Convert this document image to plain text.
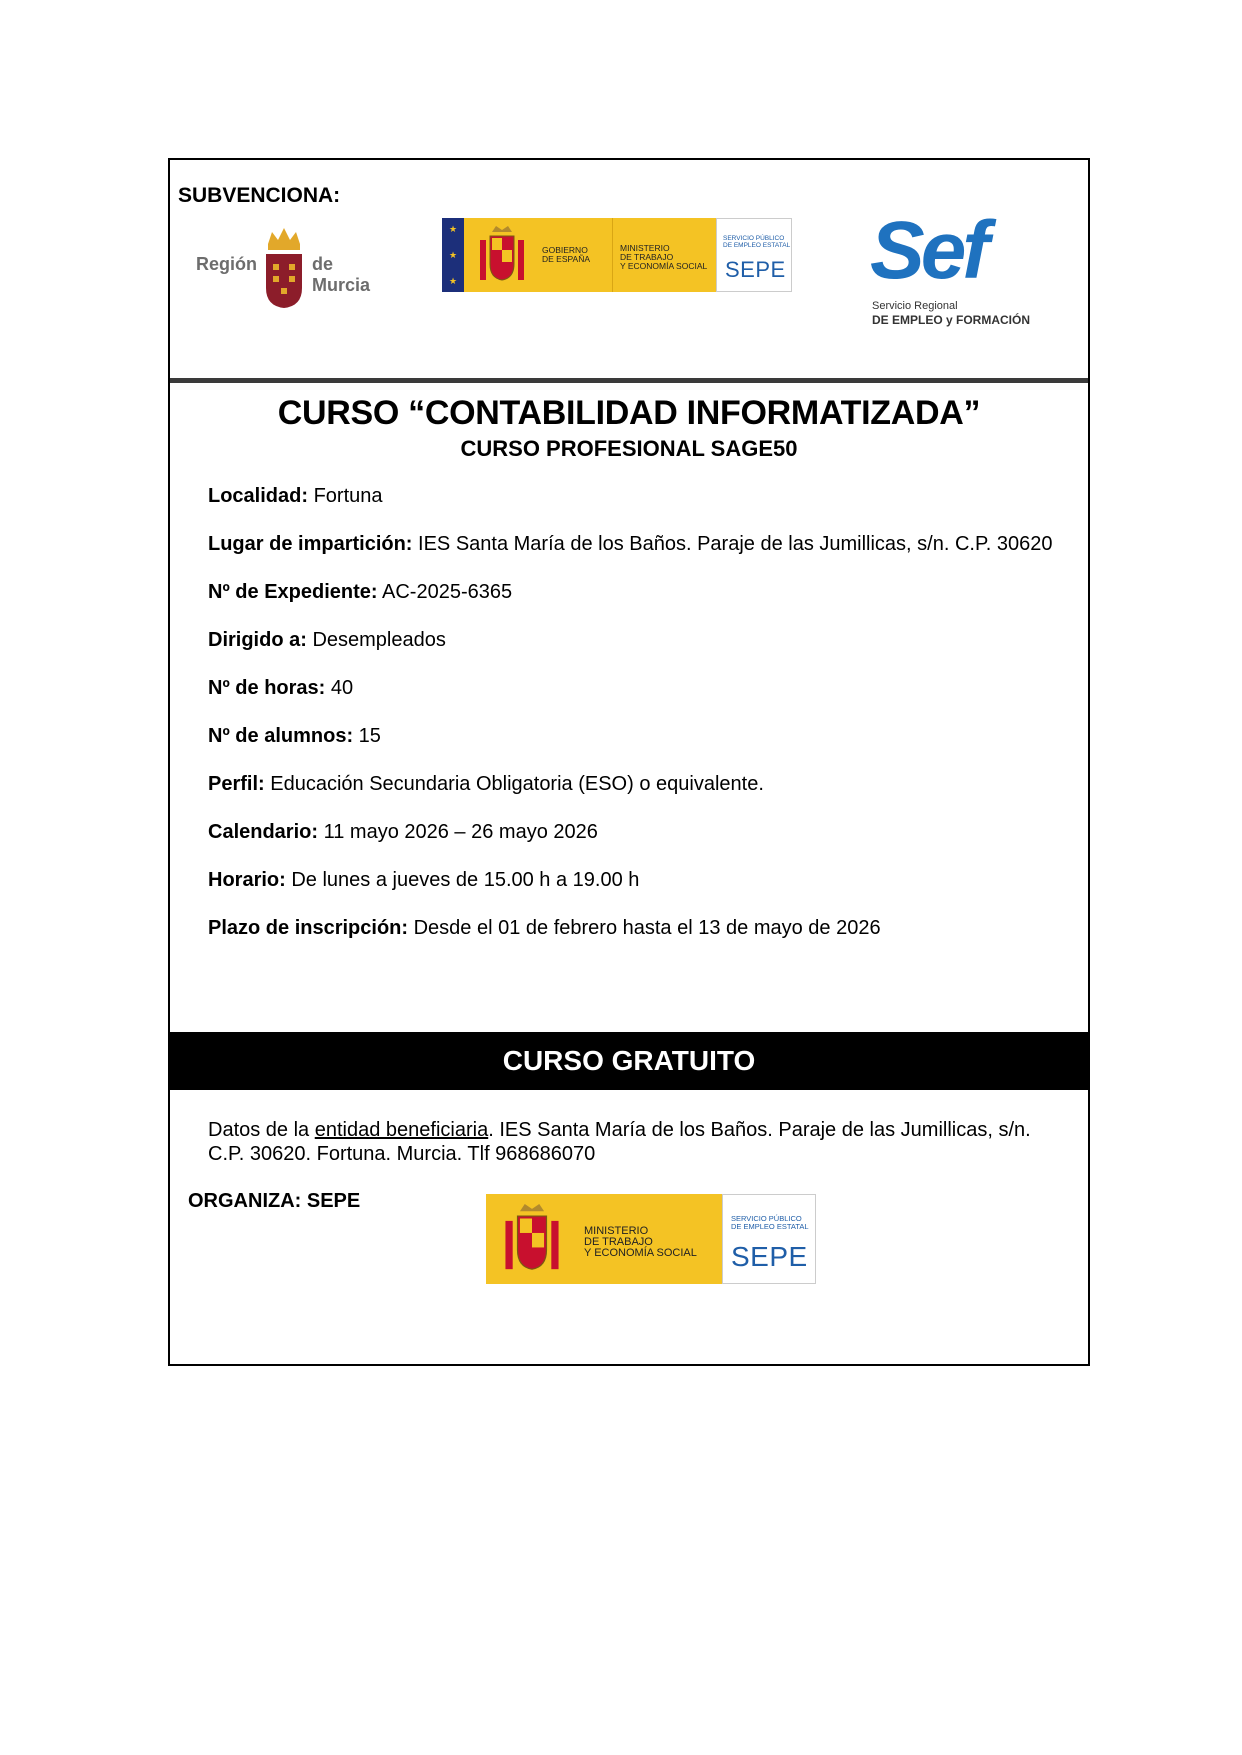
SUBVENCIONA:
Región	de Murcia
★
★
★
GOBIERNO
DE ESPAÑA
MINISTERIO
DE TRABAJO
Y ECONOMÍA SOCIAL
SERVICIO PÚBLICO
DE EMPLEO ESTATAL
SEPE Sef
Servicio Regional
DE EMPLEO y FORMACIÓN
CURSO “CONTABILIDAD INFORMATIZADA”
CURSO PROFESIONAL SAGE50
Localidad: Fortuna
Lugar de impartición: IES Santa María de los Baños. Paraje de las Jumillicas, s/n. C.P. 30620
Nº de Expediente: AC-2025-6365
Dirigido a: Desempleados
Nº de horas: 40
Nº de alumnos: 15
Perfil: Educación Secundaria Obligatoria (ESO) o equivalente.
Calendario: 11 mayo 2026 – 26 mayo 2026
Horario: De lunes a jueves de 15.00 h a 19.00 h
Plazo de inscripción: Desde el 01 de febrero hasta el 13 de mayo de 2026
CURSO GRATUITO
Datos de la entidad beneficiaria. IES Santa María de los Baños. Paraje de las Jumillicas, s/n. C.P. 30620. Fortuna. Murcia. Tlf 968686070
ORGANIZA: SEPE
MINISTERIO
DE TRABAJO
Y ECONOMÍA SOCIAL
SERVICIO PÚBLICO
DE EMPLEO ESTATAL
SEPE
